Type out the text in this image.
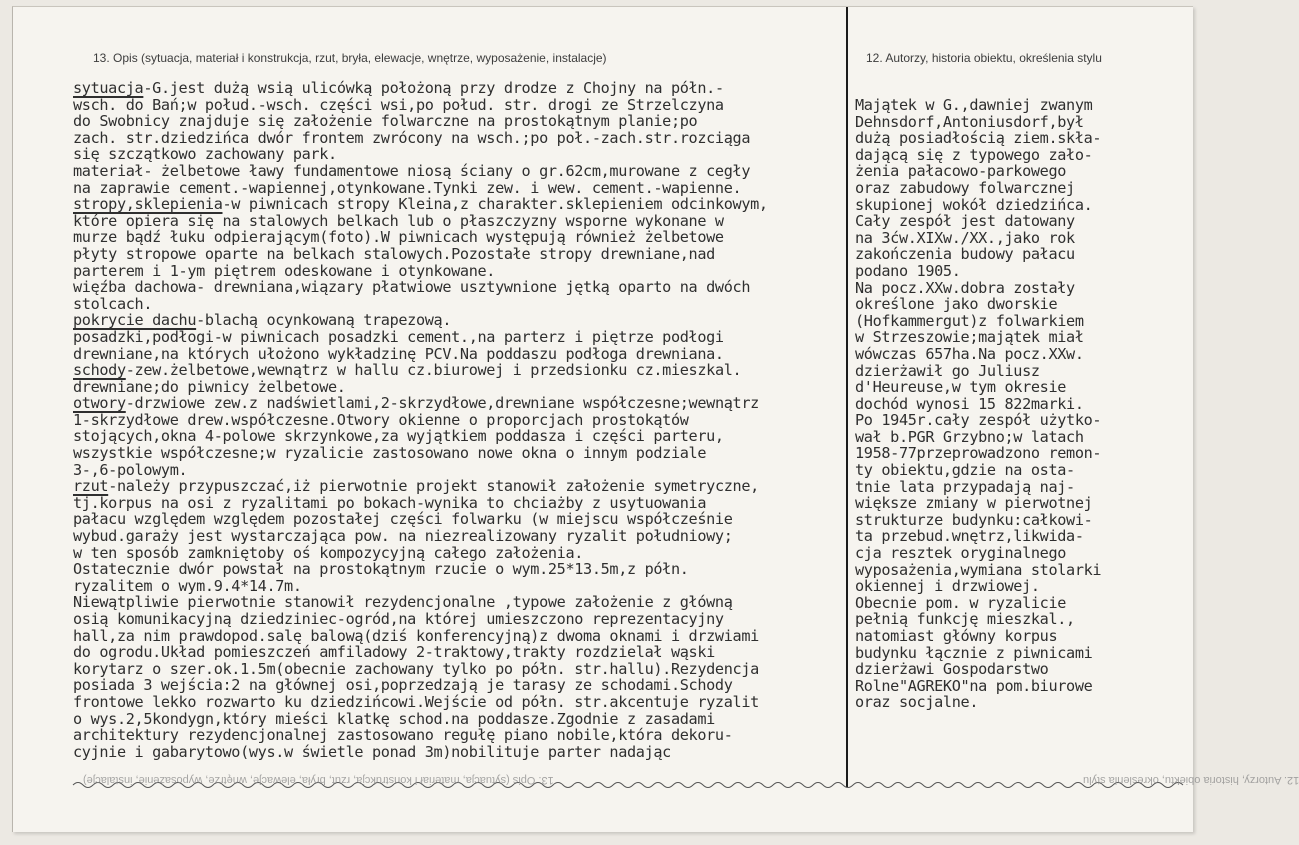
13. Opis (sytuacja, materiał i konstrukcja, rzut, bryła, elewacje, wnętrze, wyposażenie, instalacje)	12. Autorzy, historia obiektu, określenia stylu
sytuacja-G.jest dużą wsią ulicówką położoną przy drodze z Chojny na półn.-
wsch. do Bań;w połud.-wsch. części wsi,po połud. str. drogi ze Strzelczyna
do Swobnicy znajduje się założenie folwarczne na prostokątnym planie;po
zach. str.dziedzińca dwór frontem zwrócony na wsch.;po poł.-zach.str.rozciąga
się szczątkowo zachowany park.
materiał- żelbetowe ławy fundamentowe niosą ściany o gr.62cm,murowane z cegły
na zaprawie cement.-wapiennej,otynkowane.Tynki zew. i wew. cement.-wapienne.
stropy,sklepienia-w piwnicach stropy Kleina,z charakter.sklepieniem odcinkowym,
które opiera się na stalowych belkach lub o płaszczyzny wsporne wykonane w
murze bądź łuku odpierającym(foto).W piwnicach występują również żelbetowe
płyty stropowe oparte na belkach stalowych.Pozostałe stropy drewniane,nad
parterem i 1-ym piętrem odeskowane i otynkowane.
więźba dachowa- drewniana,wiązary płatwiowe usztywnione jętką oparto na dwóch
stolcach.
pokrycie dachu-blachą ocynkowaną trapezową.
posadzki,podłogi-w piwnicach posadzki cement.,na parterz i piętrze podłogi
drewniane,na których ułożono wykładzinę PCV.Na poddaszu podłoga drewniana.
schody-zew.żelbetowe,wewnątrz w hallu cz.biurowej i przedsionku cz.mieszkal.
drewniane;do piwnicy żelbetowe.
otwory-drzwiowe zew.z nadświetlami,2-skrzydłowe,drewniane współczesne;wewnątrz
1-skrzydłowe drew.współczesne.Otwory okienne o proporcjach prostokątów
stojących,okna 4-polowe skrzynkowe,za wyjątkiem poddasza i części parteru,
wszystkie współczesne;w ryzalicie zastosowano nowe okna o innym podziale
3-,6-polowym.
rzut-należy przypuszczać,iż pierwotnie projekt stanowił założenie symetryczne,
tj.korpus na osi z ryzalitami po bokach-wynika to chciażby z usytuowania
pałacu względem względem pozostałej części folwarku (w miejscu współcześnie
wybud.garaży jest wystarczająca pow. na niezrealizowany ryzalit południowy;
w ten sposób zamkniętoby oś kompozycyjną całego założenia.
Ostatecznie dwór powstał na prostokątnym rzucie o wym.25*13.5m,z półn.
ryzalitem o wym.9.4*14.7m.
Niewątpliwie pierwotnie stanowił rezydencjonalne ,typowe założenie z główną
osią komunikacyjną dziedziniec-ogród,na której umieszczono reprezentacyjny
hall,za nim prawdopod.salę balową(dziś konferencyjną)z dwoma oknami i drzwiami
do ogrodu.Układ pomieszczeń amfiladowy 2-traktowy,trakty rozdzielał wąski
korytarz o szer.ok.1.5m(obecnie zachowany tylko po półn. str.hallu).Rezydencja
posiada 3 wejścia:2 na głównej osi,poprzedzają je tarasy ze schodami.Schody
frontowe lekko rozwarto ku dziedzińcowi.Wejście od półn. str.akcentuje ryzalit
o wys.2,5kondygn,który mieści klatkę schod.na poddasze.Zgodnie z zasadami
architektury rezydencjonalnej zastosowano regułę piano nobile,która dekoru-
cyjnie i gabarytowo(wys.w świetle ponad 3m)nobilituje parter nadając
Majątek w G.,dawniej zwanym
Dehnsdorf,Antoniusdorf,był
dużą posiadłością ziem.skła-
dającą się z typowego zało-
żenia pałacowo-parkowego
oraz zabudowy folwarcznej
skupionej wokół dziedzińca.
Cały zespół jest datowany
na 3ćw.XIXw./XX.,jako rok
zakończenia budowy pałacu
podano 1905.
Na pocz.XXw.dobra zostały
określone jako dworskie
(Hofkammergut)z folwarkiem
w Strzeszowie;majątek miał
wówczas 657ha.Na pocz.XXw.
dzierżawił go Juliusz
d'Heureuse,w tym okresie
dochód wynosi 15 822marki.
Po 1945r.cały zespół użytko-
wał b.PGR Grzybno;w latach
1958-77przeprowadzono remon-
ty obiektu,gdzie na osta-
tnie lata przypadają naj-
większe zmiany w pierwotnej
strukturze budynku:całkowi-
ta przebud.wnętrz,likwida-
cja resztek oryginalnego
wyposażenia,wymiana stolarki
okiennej i drzwiowej.
Obecnie pom. w ryzalicie
pełnią funkcję mieszkal.,
natomiast główny korpus
budynku łącznie z piwnicami
dzierżawi Gospodarstwo
Rolne"AGREKO"na pom.biurowe
oraz socjalne.
13. Opis (sytuacja, materiał i konstrukcja, rzut, bryła, elewacje, wnętrze, wyposażenie, instalacje)	12. Autorzy, historia obiektu, określenia stylu
